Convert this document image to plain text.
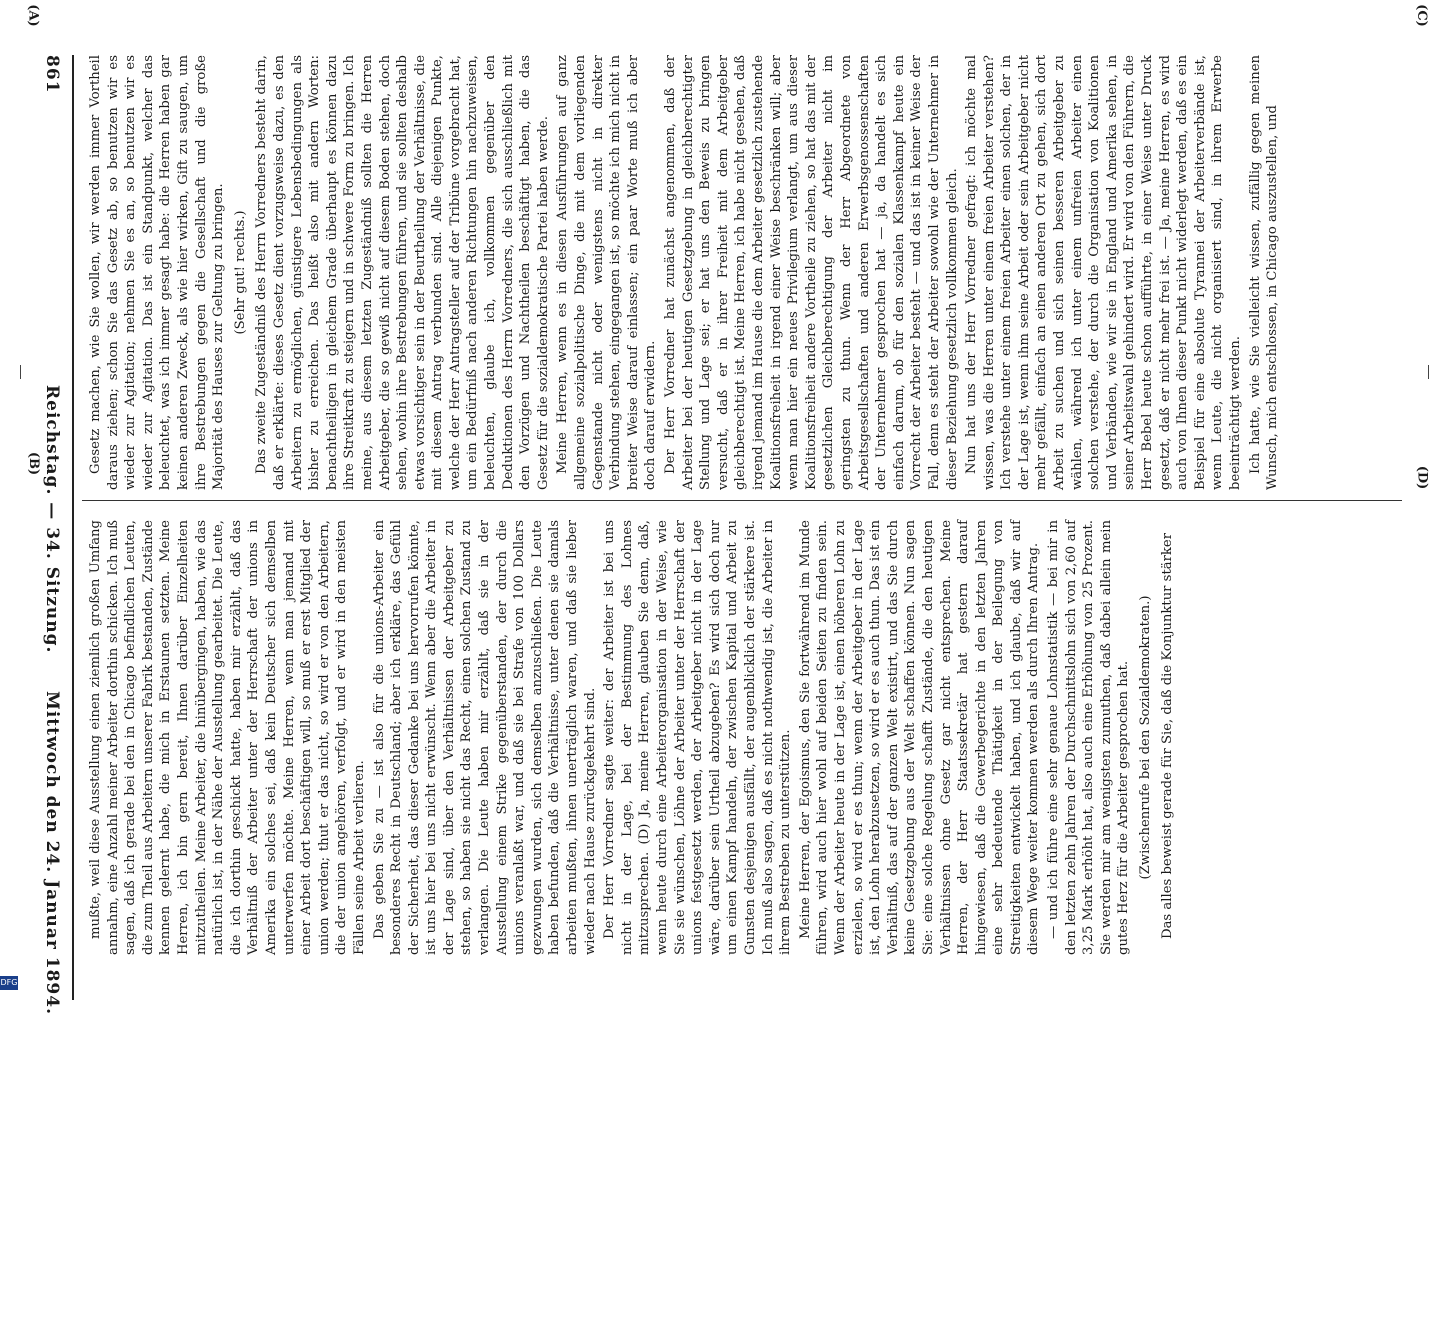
Gesetz machen, wie Sie wollen, wir werden immer Vortheil daraus ziehen; schon Sie das Gesetz ab, so benutzen wir es wieder zur Agitation; nehmen Sie es an, so benutzen wir es wieder zur Agitation. Das ist ein Standpunkt, welcher das beleuchtet, was ich immer gesagt habe: die Herren haben gar keinen anderen Zweck, als wie hier wirken, Gift zu saugen, um ihre Bestrebungen gegen die Gesellschaft und die große Majorität des Hauses zur Geltung zu bringen. (Sehr gut! rechts.) Das zweite Zugeständniß des Herrn Vorredners besteht darin, daß er erklärte: dieses Gesetz dient vorzugsweise dazu, es den Arbeitern zu ermöglichen, günstigere Lebensbedingungen als bisher zu erreichen. Das heißt also mit andern Worten: benachtheiligen in gleichem Grade überhaupt es können dazu ihre Streitkraft zu steigern und in schwere Form zu bringen. Ich meine, aus diesem letzten Zugeständniß sollten die Herren Arbeitgeber, die so gewiß nicht auf diesem Boden stehen, doch sehen, wohin ihre Bestrebungen führen, und sie sollten deshalb etwas vorsichtiger sein in der Beurtheilung der Verhältnisse, die mit diesem Antrag verbunden sind. Alle diejenigen Punkte, welche der Herr Antragsteller auf der Tribüne vorgebracht hat, um ein Bedürfniß nach anderen Richtungen hin nachzuweisen, beleuchten, glaube ich, vollkommen gegenüber den Deduktionen des Herrn Vorredners, die sich ausschließlich mit den Vorzügen und Nachtheilen beschäftigt haben, die das Gesetz für die sozialdemokratische Partei haben werde. Meine Herren, wenn es in diesen Ausführungen auf ganz allgemeine sozialpolitische Dinge, die mit dem vorliegenden Gegenstande nicht oder wenigstens nicht in direkter Verbindung stehen, eingegangen ist, so möchte ich mich nicht in breiter Weise darauf einlassen; ein paar Worte muß ich aber doch darauf erwidern. Der Herr Vorredner hat zunächst angenommen, daß der Arbeiter bei der heutigen Gesetzgebung in gleichberechtigter Stellung und Lage sei; er hat uns den Beweis zu bringen versucht, daß er in ihrer Freiheit mit dem Arbeitgeber gleichberechtigt ist. Meine Herren, ich habe nicht gesehen, daß irgend jemand im Hause die dem Arbeiter gesetzlich zustehende Koalitionsfreiheit in irgend einer Weise beschränken will; aber wenn man hier ein neues Privilegium verlangt, um aus dieser Koalitionsfreiheit andere Vortheile zu ziehen, so hat das mit der gesetzlichen Gleichberechtigung der Arbeiter nicht im geringsten zu thun. Wenn der Herr Abgeordnete von Arbeitsgesellschaften und anderen Erwerbsgenossenschaften der Unternehmer gesprochen hat — ja, da handelt es sich einfach darum, ob für den sozialen Klassenkampf heute ein Vorrecht der Arbeiter besteht — und das ist in keiner Weise der Fall, denn es steht der Arbeiter sowohl wie der Unternehmer in dieser Beziehung gesetzlich vollkommen gleich. Nun hat uns der Herr Vorredner gefragt: ich möchte mal wissen, was die Herren unter einem freien Arbeiter verstehen? Ich verstehe unter einem freien Arbeiter einen solchen, der in der Lage ist, wenn ihm seine Arbeit oder sein Arbeitgeber nicht mehr gefällt, einfach an einen anderen Ort zu gehen, sich dort Arbeit zu suchen und sich seinen besseren Arbeitgeber zu wählen, während ich unter einem unfreien Arbeiter einen solchen verstehe, der durch die Organisation von Koalitionen und Verbänden, wie wir sie in England und Amerika sehen, in seiner Arbeitswahl gehindert wird. Er wird von den Führern, die Herr Bebel heute schon aufführte, in einer Weise unter Druck gesetzt, daß er nicht mehr frei ist. — Ja, meine Herren, es wird auch von Ihnen dieser Punkt nicht widerlegt werden, daß es ein Beispiel für eine absolute Tyrannei der Arbeiterverbände ist, wenn Leute, die nicht organisiert sind, in ihrem Erwerbe beeinträchtigt werden. Ich hatte, wie Sie vielleicht wissen, zufällig gegen meinen Wunsch, mich entschlossen, in Chicago auszustellen, und

mußte, weil diese Ausstellung einen ziemlich großen Umfang annahm, eine Anzahl meiner Arbeiter dorthin schicken. Ich muß sagen, daß ich gerade bei den in Chicago befindlichen Leuten, die zum Theil aus Arbeitern unserer Fabrik bestanden, Zustände kennen gelernt habe, die mich in Erstaunen setzten. Meine Herren, ich bin gern bereit, Ihnen darüber Einzelheiten mitzutheilen. Meine Arbeiter, die hinübergingen, haben, wie das natürlich ist, in der Nähe der Ausstellung gearbeitet. Die Leute, die ich dorthin geschickt hatte, haben mir erzählt, daß das Verhältniß der Arbeiter unter der Herrschaft der unions in Amerika ein solches sei, daß kein Deutscher sich demselben unterwerfen möchte. Meine Herren, wenn man jemand mit einer Arbeit dort beschäftigen will, so muß er erst Mitglied der union werden; thut er das nicht, so wird er von den Arbeitern, die der union angehören, verfolgt, und er wird in den meisten Fällen seine Arbeit verlieren. Das geben Sie zu — ist also für die unions-Arbeiter ein besonderes Recht in Deutschland; aber ich erkläre, das Gefühl der Sicherheit, das dieser Gedanke bei uns hervorrufen könnte, ist uns hier bei uns nicht erwünscht. Wenn aber die Arbeiter in der Lage sind, über den Verhältnissen der Arbeitgeber zu stehen, so haben sie nicht das Recht, einen solchen Zustand zu verlangen. Die Leute haben mir erzählt, daß sie in der Ausstellung einem Strike gegenüberstanden, der durch die unions veranlaßt war, und daß sie bei Strafe von 100 Dollars gezwungen wurden, sich demselben anzuschließen. Die Leute haben befunden, daß die Verhältnisse, unter denen sie damals arbeiten mußten, ihnen unerträglich waren, und daß sie lieber wieder nach Hause zurückgekehrt sind. Der Herr Vorredner sagte weiter: der Arbeiter ist bei uns nicht in der Lage, bei der Bestimmung des Lohnes mitzusprechen. (D) Ja, meine Herren, glauben Sie denn, daß, wenn heute durch eine Arbeiterorganisation in der Weise, wie Sie sie wünschen, Löhne der Arbeiter unter der Herrschaft der unions festgesetzt werden, der Arbeitgeber nicht in der Lage wäre, darüber sein Urtheil abzugeben? Es wird sich doch nur um einen Kampf handeln, der zwischen Kapital und Arbeit zu Gunsten desjenigen ausfällt, der augenblicklich der stärkere ist. Ich muß also sagen, daß es nicht nothwendig ist, die Arbeiter in ihrem Bestreben zu unterstützen. Meine Herren, der Egoismus, den Sie fortwährend im Munde führen, wird auch hier wohl auf beiden Seiten zu finden sein. Wenn der Arbeiter heute in der Lage ist, einen höheren Lohn zu erzielen, so wird er es thun; wenn der Arbeitgeber in der Lage ist, den Lohn herabzusetzen, so wird er es auch thun. Das ist ein Verhältniß, das auf der ganzen Welt existirt, und das Sie durch keine Gesetzgebung aus der Welt schaffen können. Nun sagen Sie: eine solche Regelung schafft Zustände, die den heutigen Verhältnissen ohne Gesetz gar nicht entsprechen. Meine Herren, der Herr Staatssekretär hat gestern darauf hingewiesen, daß die Gewerbegerichte in den letzten Jahren eine sehr bedeutende Thätigkeit in der Beilegung von Streitigkeiten entwickelt haben, und ich glaube, daß wir auf diesem Wege weiter kommen werden als durch Ihren Antrag. — und ich führe eine sehr genaue Lohnstatistik — bei mir in den letzten zehn Jahren der Durchschnittslohn sich von 2,60 auf 3,25 Mark erhöht hat, also auch eine Erhöhung von 25 Prozent. Sie werden mir am wenigsten zumuthen, daß dabei allein mein gutes Herz für die Arbeiter gesprochen hat. (Zwischenrufe bei den Sozialdemokraten.) Das alles beweist gerade für Sie, daß die Konjunktur stärker

861
Reichstag. — 34. Sitzung.
Mittwoch den 24. Januar 1894.
(A)
(B)
(C)
(D)
DFG
